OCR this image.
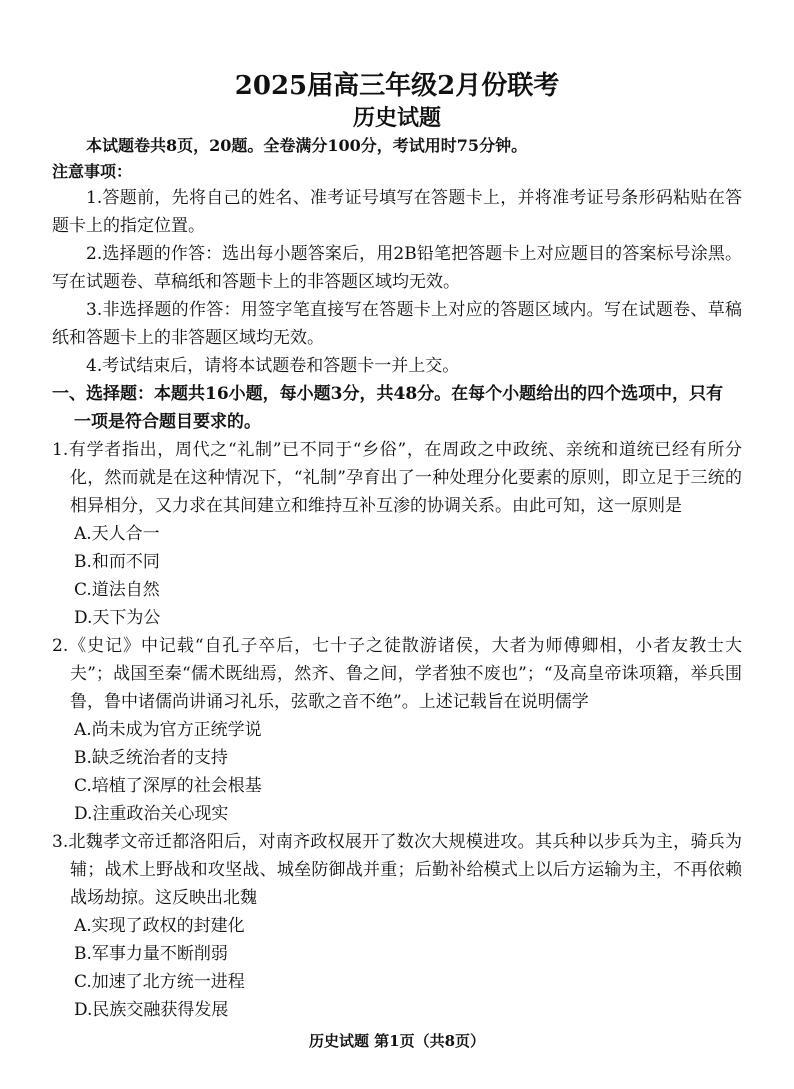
2025届高三年级2月份联考
历史试题

本试题卷共8页，20题。全卷满分100分，考试用时75分钟。

注意事项：

1.答题前，先将自己的姓名、准考证号填写在答题卡上，并将准考证号条形码粘贴在答题卡上的指定位置。

2.选择题的作答：选出每小题答案后，用2B铅笔把答题卡上对应题目的答案标号涂黑。写在试题卷、草稿纸和答题卡上的非答题区域均无效。

3.非选择题的作答：用签字笔直接写在答题卡上对应的答题区域内。写在试题卷、草稿纸和答题卡上的非答题区域均无效。

4.考试结束后，请将本试题卷和答题卡一并上交。

一、选择题：本题共16小题，每小题3分，共48分。在每个小题给出的四个选项中，只有
一项是符合题目要求的。

1.有学者指出，周代之“礼制”已不同于“乡俗”，在周政之中政统、亲统和道统已经有所分化，然而就是在这种情况下，“礼制”孕育出了一种处理分化要素的原则，即立足于三统的相异相分，又力求在其间建立和维持互补互渗的协调关系。由此可知，这一原则是

A.天人合一
B.和而不同
C.道法自然
D.天下为公

2.《史记》中记载“自孔子卒后，七十子之徒散游诸侯，大者为师傅卿相，小者友教士大夫”；战国至秦“儒术既绌焉，然齐、鲁之间，学者独不废也”；“及高皇帝诛项籍，举兵围鲁，鲁中诸儒尚讲诵习礼乐，弦歌之音不绝”。上述记载旨在说明儒学

A.尚未成为官方正统学说
B.缺乏统治者的支持
C.培植了深厚的社会根基
D.注重政治关心现实

3.北魏孝文帝迁都洛阳后，对南齐政权展开了数次大规模进攻。其兵种以步兵为主，骑兵为辅；战术上野战和攻坚战、城垒防御战并重；后勤补给模式上以后方运输为主，不再依赖战场劫掠。这反映出北魏

A.实现了政权的封建化
B.军事力量不断削弱
C.加速了北方统一进程
D.民族交融获得发展
历史试题 第1页（共8页）
